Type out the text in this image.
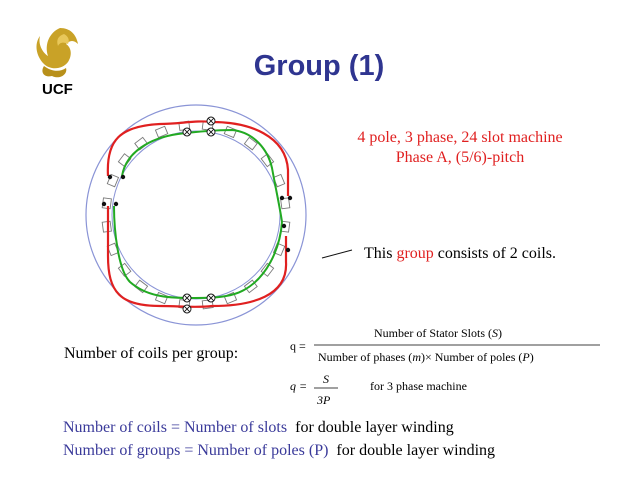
UCF
Group (1)
q =
Number of Stator Slots (S)
Number of phases (m)× Number of poles (P)
q = S
3P
for 3 phase machine
4 pole, 3 phase, 24 slot machine
Phase A, (5/6)-pitch
This group consists of 2 coils.
Number of coils per group:
Number of coils = Number of slots  for double layer winding
Number of groups = Number of poles (P)  for double layer winding
